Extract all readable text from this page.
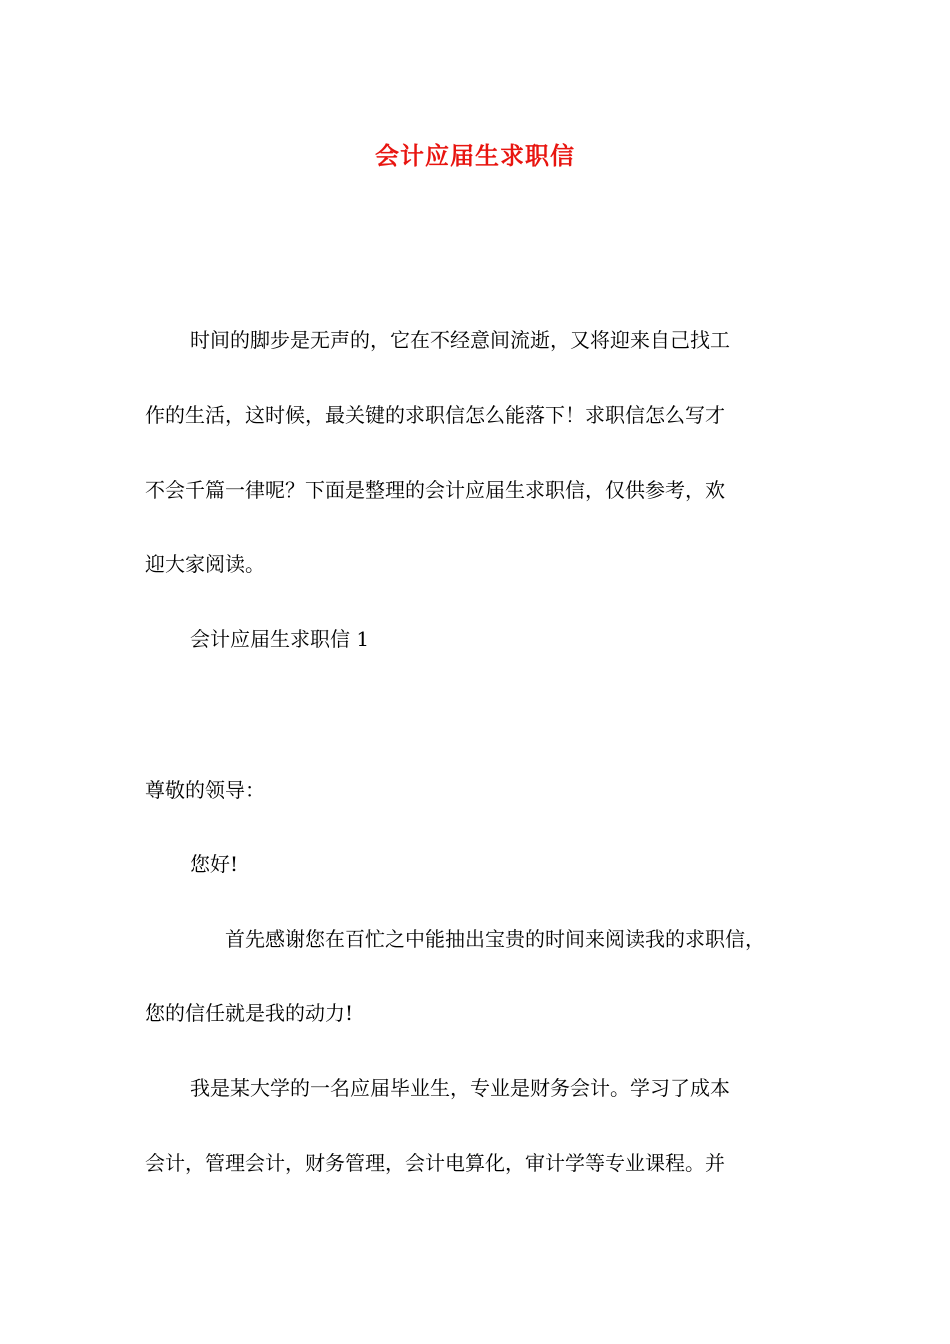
会计应届生求职信
时间的脚步是无声的，它在不经意间流逝，又将迎来自己找工
作的生活，这时候，最关键的求职信怎么能落下！求职信怎么写才
不会千篇一律呢？下面是整理的会计应届生求职信，仅供参考，欢
迎大家阅读。
会计应届生求职信 1
尊敬的领导：
您好!
首先感谢您在百忙之中能抽出宝贵的时间来阅读我的求职信，
您的信任就是我的动力!
我是某大学的一名应届毕业生，专业是财务会计。学习了成本
会计，管理会计，财务管理，会计电算化，审计学等专业课程。并
